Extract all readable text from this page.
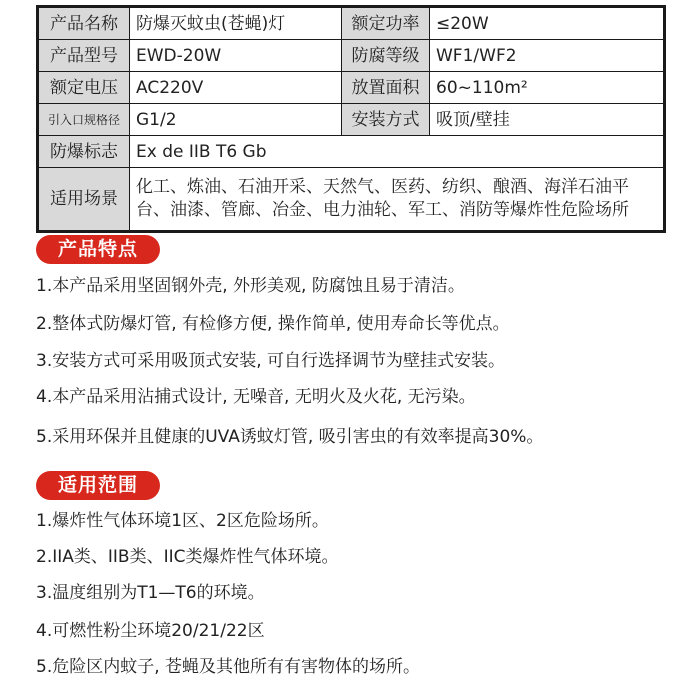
产品名称	防爆灭蚊虫(苍蝇)灯	额定功率	≤20W
产品型号	EWD-20W	防腐等级	WF1/WF2
额定电压	AC220V	放置面积	60~110m²
引入口规格径	G1/2	安装方式	吸顶/壁挂
防爆标志	Ex de IIB T6 Gb		
适用场景	化工、炼油、石油开采、天然气、医药、纺织、酿酒、海洋石油平台、油漆、管廊、冶金、电力油轮、军工、消防等爆炸性危险场所		
产品特点
1.本产品采用坚固钢外壳, 外形美观, 防腐蚀且易于清洁。
2.整体式防爆灯管, 有检修方便, 操作简单, 使用寿命长等优点。
3.安装方式可采用吸顶式安装, 可自行选择调节为壁挂式安装。
4.本产品采用沾捕式设计, 无噪音, 无明火及火花, 无污染。
5.采用环保并且健康的UVA诱蚊灯管, 吸引害虫的有效率提高30%。
适用范围
1.爆炸性气体环境1区、2区危险场所。
2.IIA类、IIB类、IIC类爆炸性气体环境。
3.温度组别为T1—T6的环境。
4.可燃性粉尘环境20/21/22区
5.危险区内蚊子, 苍蝇及其他所有有害物体的场所。
